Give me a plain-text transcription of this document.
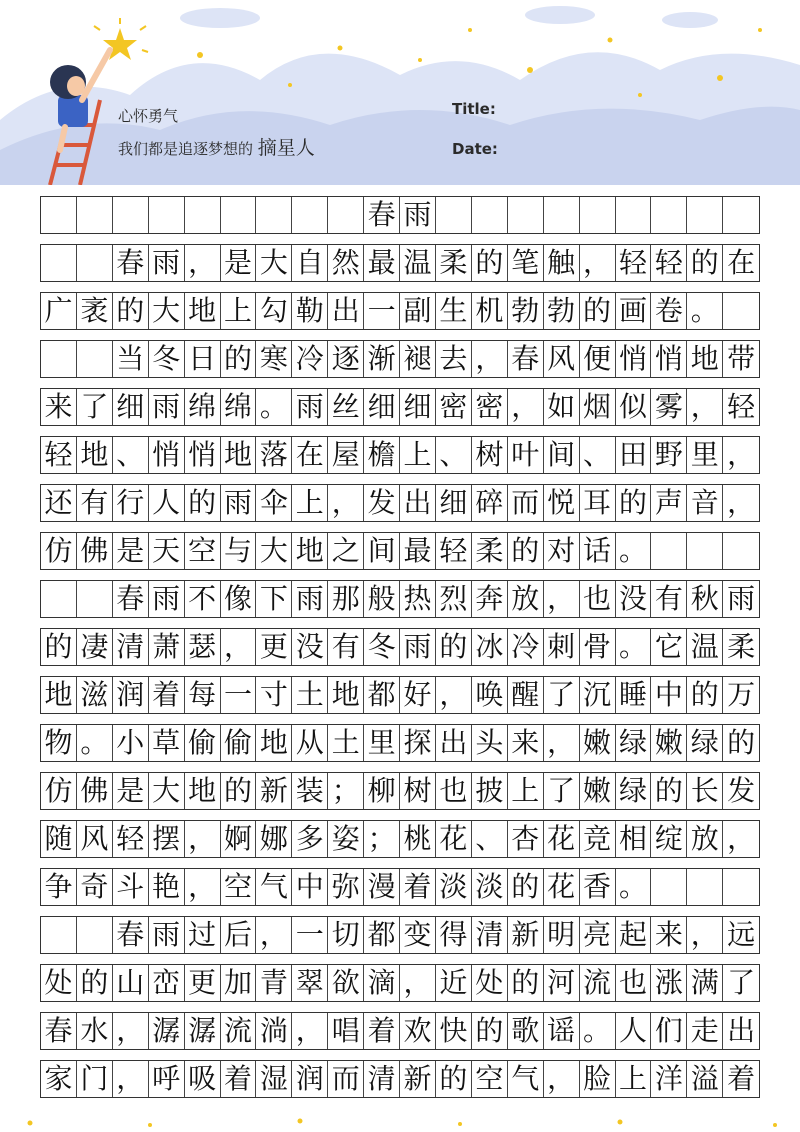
心怀勇气
我们都是追逐梦想的 摘星人
Title:
Date:
春 雨
春 雨 ， 是 大 自 然 最 温 柔 的 笔 触 ， 轻 轻 的 在
广 袤 的 大 地 上 勾 勒 出 一 副 生 机 勃 勃 的 画 卷 。
当 冬 日 的 寒 冷 逐 渐 褪 去 ， 春 风 便 悄 悄 地 带
来 了 细 雨 绵 绵 。 雨 丝 细 细 密 密 ， 如 烟 似 雾 ， 轻
轻 地 、 悄 悄 地 落 在 屋 檐 上 、 树 叶 间 、 田 野 里 ，
还 有 行 人 的 雨 伞 上 ， 发 出 细 碎 而 悦 耳 的 声 音 ，
仿 佛 是 天 空 与 大 地 之 间 最 轻 柔 的 对 话 。
春 雨 不 像 下 雨 那 般 热 烈 奔 放 ， 也 没 有 秋 雨
的 凄 清 萧 瑟 ， 更 没 有 冬 雨 的 冰 冷 刺 骨 。 它 温 柔
地 滋 润 着 每 一 寸 土 地 都 好 ， 唤 醒 了 沉 睡 中 的 万
物 。 小 草 偷 偷 地 从 土 里 探 出 头 来 ， 嫩 绿 嫩 绿 的
仿 佛 是 大 地 的 新 装 ； 柳 树 也 披 上 了 嫩 绿 的 长 发
随 风 轻 摆 ， 婀 娜 多 姿 ； 桃 花 、 杏 花 竞 相 绽 放 ，
争 奇 斗 艳 ， 空 气 中 弥 漫 着 淡 淡 的 花 香 。
春 雨 过 后 ， 一 切 都 变 得 清 新 明 亮 起 来 ， 远
处 的 山 峦 更 加 青 翠 欲 滴 ， 近 处 的 河 流 也 涨 满 了
春 水 ， 潺 潺 流 淌 ， 唱 着 欢 快 的 歌 谣 。 人 们 走 出
家 门 ， 呼 吸 着 湿 润 而 清 新 的 空 气 ， 脸 上 洋 溢 着
